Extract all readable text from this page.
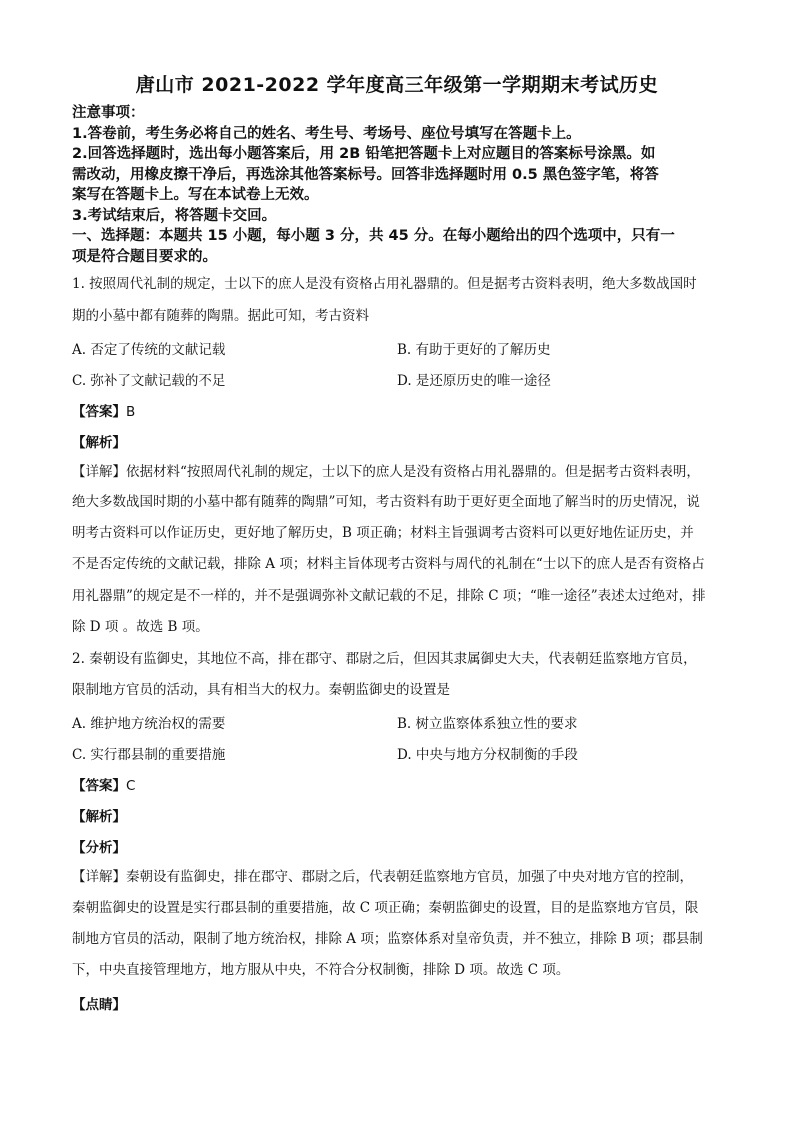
唐山市 2021-2022 学年度高三年级第一学期期末考试历史
注意事项：
1.答卷前，考生务必将自己的姓名、考生号、考场号、座位号填写在答题卡上。
2.回答选择题时，选出每小题答案后，用 2B 铅笔把答题卡上对应题目的答案标号涂黑。如
需改动，用橡皮擦干净后，再选涂其他答案标号。回答非选择题时用 0.5 黑色签字笔，将答
案写在答题卡上。写在本试卷上无效。
3.考试结束后，将答题卡交回。
一、选择题：本题共 15 小题，每小题 3 分，共 45 分。在每小题给出的四个选项中，只有一
项是符合题目要求的。
1. 按照周代礼制的规定，士以下的庶人是没有资格占用礼器鼎的。但是据考古资料表明，绝大多数战国时
期的小墓中都有随葬的陶鼎。据此可知，考古资料
A. 否定了传统的文献记载	B. 有助于更好的了解历史
C. 弥补了文献记载的不足	D. 是还原历史的唯一途径
【答案】B
【解析】
【详解】依据材料“按照周代礼制的规定，士以下的庶人是没有资格占用礼器鼎的。但是据考古资料表明，
绝大多数战国时期的小墓中都有随葬的陶鼎”可知，考古资料有助于更好更全面地了解当时的历史情况，说
明考古资料可以作证历史，更好地了解历史，B 项正确；材料主旨强调考古资料可以更好地佐证历史，并
不是否定传统的文献记载，排除 A 项；材料主旨体现考古资料与周代的礼制在“士以下的庶人是否有资格占
用礼器鼎”的规定是不一样的，并不是强调弥补文献记载的不足，排除 C 项；“唯一途径”表述太过绝对，排
除 D 项 。故选 B 项。
2. 秦朝设有监御史，其地位不高，排在郡守、郡尉之后，但因其隶属御史大夫，代表朝廷监察地方官员，
限制地方官员的活动，具有相当大的权力。秦朝监御史的设置是
A. 维护地方统治权的需要	B. 树立监察体系独立性的要求
C. 实行郡县制的重要措施	D. 中央与地方分权制衡的手段
【答案】C
【解析】
【分析】
【详解】秦朝设有监御史，排在郡守、郡尉之后，代表朝廷监察地方官员，加强了中央对地方官的控制，
秦朝监御史的设置是实行郡县制的重要措施，故 C 项正确；秦朝监御史的设置，目的是监察地方官员，限
制地方官员的活动，限制了地方统治权，排除 A 项；监察体系对皇帝负责，并不独立，排除 B 项；郡县制
下，中央直接管理地方，地方服从中央，不符合分权制衡，排除 D 项。故选 C 项。
【点睛】
